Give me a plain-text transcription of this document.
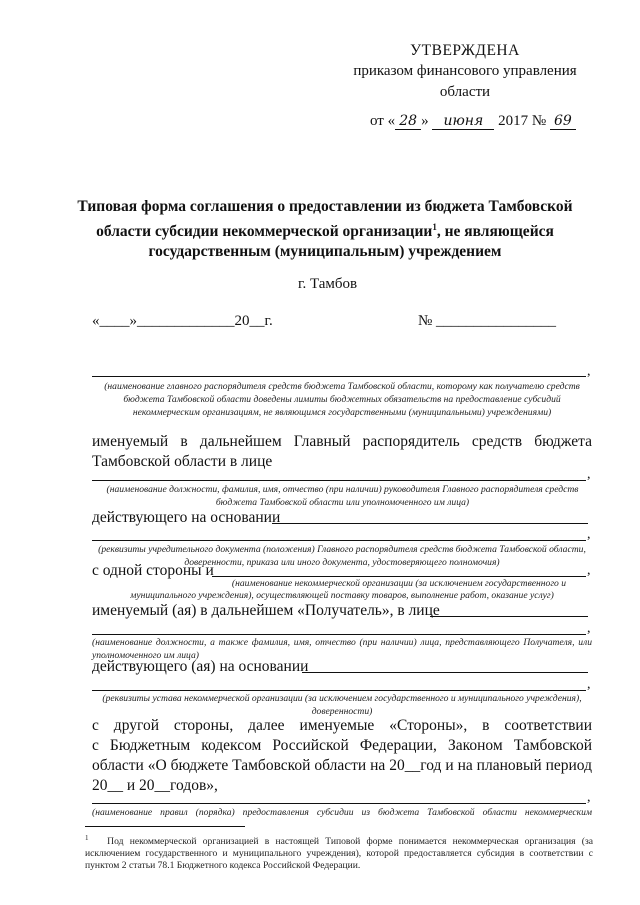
УТВЕРЖДЕНА
приказом финансового управления
области
от « 28 » июня 2017 № 69
Типовая форма соглашения о предоставлении из бюджета Тамбовской области субсидии некоммерческой организации$^1$, не являющейся государственным (муниципальным) учреждением
г. Тамбов
«____»_____________20__г.	№ ________________
,
(наименование главного распорядителя средств бюджета Тамбовской области, которому как получателю средств бюджета Тамбовской области доведены лимиты бюджетных обязательств на предоставление субсидий некоммерческим организациям, не являющимся государственными (муниципальными) учреждениями)
именуемый в дальнейшем Главный распорядитель средств бюджета
Тамбовской области в лице
,
(наименование должности, фамилия, имя, отчество (при наличии) руководителя Главного распорядителя средств бюджета Тамбовской области или уполномоченного им лица)
действующего на основании
,
(реквизиты учредительного документа (положения) Главного распорядителя средств бюджета Тамбовской области, доверенности, приказа или иного документа, удостоверяющего полномочия)
с одной стороны и	,
(наименование некоммерческой организации (за исключением государственного и
муниципального учреждения), осуществляющей поставку товаров, выполнение работ, оказание услуг)
именуемый (ая) в дальнейшем «Получатель», в лице
,
(наименование должности, а также фамилия, имя, отчество (при наличии) лица, представляющего Получателя, или уполномоченного им лица)
действующего (ая) на основании
,
(реквизиты устава некоммерческой организации (за исключением государственного и муниципального учреждения), доверенности)
с другой стороны, далее именуемые «Стороны», в соответствии
с Бюджетным кодексом Российской Федерации, Законом Тамбовской
области «О бюджете Тамбовской области на 20__год и на плановый период
20__ и 20__годов»,
,
(наименование правил (порядка) предоставления субсидии из бюджета Тамбовской области некоммерческим
$^1$ Под некоммерческой организацией в настоящей Типовой форме понимается некоммерческая организация (за исключением государственного и муниципального учреждения), которой предоставляется субсидия в соответствии с пунктом 2 статьи 78.1 Бюджетного кодекса Российской Федерации.
